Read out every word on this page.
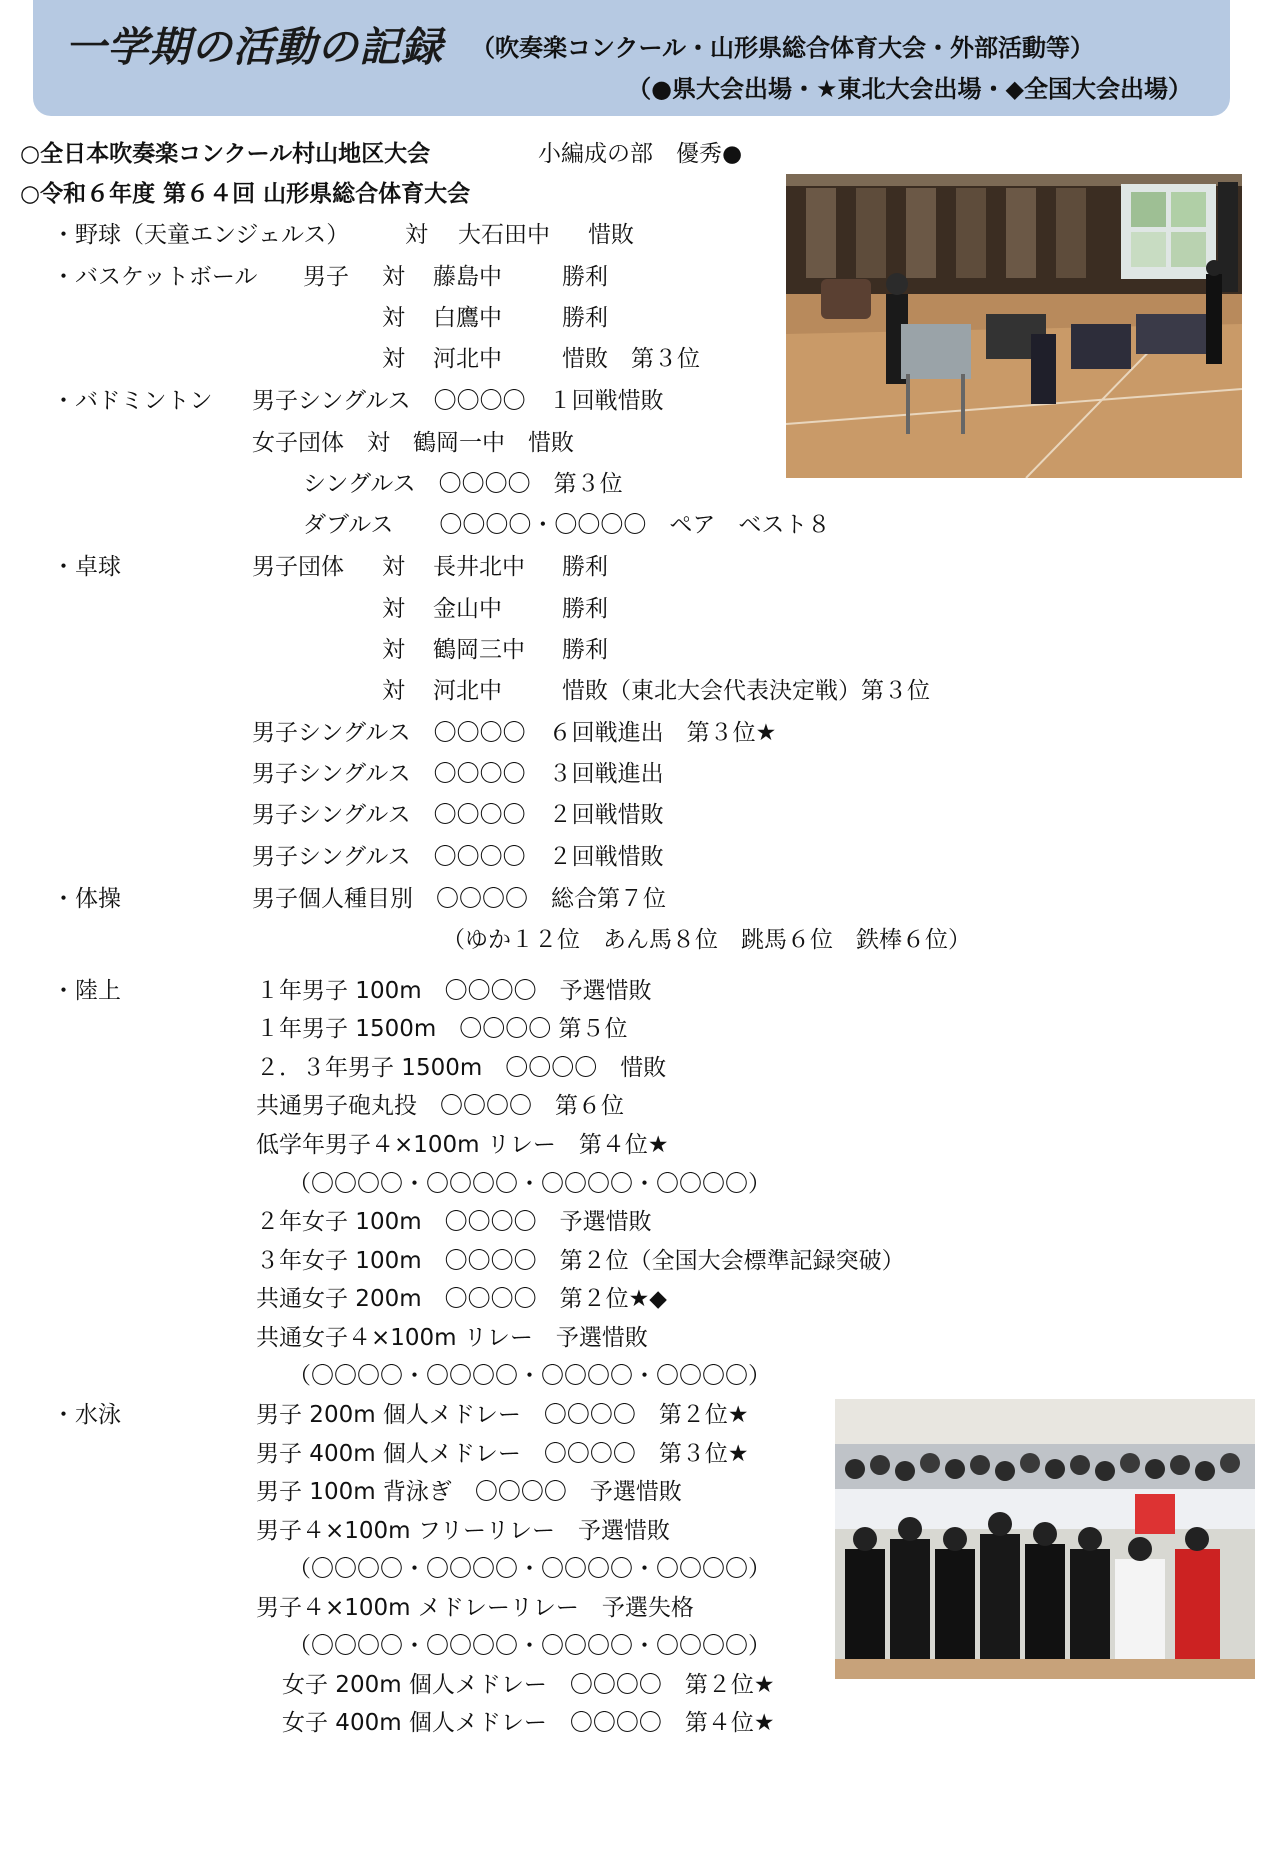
一学期の活動の記録 （吹奏楽コンクール・山形県総合体育大会・外部活動等）
（●県大会出場・★東北大会出場・◆全国大会出場）
○全日本吹奏楽コンクール村山地区大会	小編成の部　優秀●
○令和６年度 第６４回 山形県総合体育大会
・野球（天童エンジェルス） 対 大石田中 惜敗
・バスケットボール 男子 対 藤島中	勝利
対 白鷹中	勝利
対 河北中	惜敗　第３位
・バドミントン 男子シングルス　〇〇〇〇　１回戦惜敗
女子団体　対　鶴岡一中　惜敗
シングルス　〇〇〇〇　第３位
ダブルス　　〇〇〇〇・〇〇〇〇　ペア　ベスト８
・卓球	男子団体 対 長井北中 勝利
対 金山中	勝利
対 鶴岡三中 勝利
対 河北中	惜敗（東北大会代表決定戦）第３位
男子シングルス　〇〇〇〇　６回戦進出　第３位★
男子シングルス　〇〇〇〇　３回戦進出
男子シングルス　〇〇〇〇　２回戦惜敗
男子シングルス　〇〇〇〇　２回戦惜敗
・体操	男子個人種目別　〇〇〇〇　総合第７位
（ゆか１２位　あん馬８位　跳馬６位　鉄棒６位）
・陸上	１年男子 100m　〇〇〇〇　予選惜敗
１年男子 1500m　〇〇〇〇 第５位
２．３年男子 1500m　〇〇〇〇　惜敗
共通男子砲丸投　〇〇〇〇　第６位
低学年男子４×100m リレー　第４位★
（〇〇〇〇・〇〇〇〇・〇〇〇〇・〇〇〇〇）
２年女子 100m　〇〇〇〇　予選惜敗
３年女子 100m　〇〇〇〇　第２位（全国大会標準記録突破）
共通女子 200m　〇〇〇〇　第２位★◆
共通女子４×100m リレー　予選惜敗
（〇〇〇〇・〇〇〇〇・〇〇〇〇・〇〇〇〇）
・水泳	男子 200m 個人メドレー　〇〇〇〇　第２位★
男子 400m 個人メドレー　〇〇〇〇　第３位★
男子 100m 背泳ぎ　〇〇〇〇　予選惜敗
男子４×100m フリーリレー　予選惜敗
（〇〇〇〇・〇〇〇〇・〇〇〇〇・〇〇〇〇）
男子４×100m メドレーリレー　予選失格
（〇〇〇〇・〇〇〇〇・〇〇〇〇・〇〇〇〇）
女子 200m 個人メドレー　〇〇〇〇　第２位★
女子 400m 個人メドレー　〇〇〇〇　第４位★
